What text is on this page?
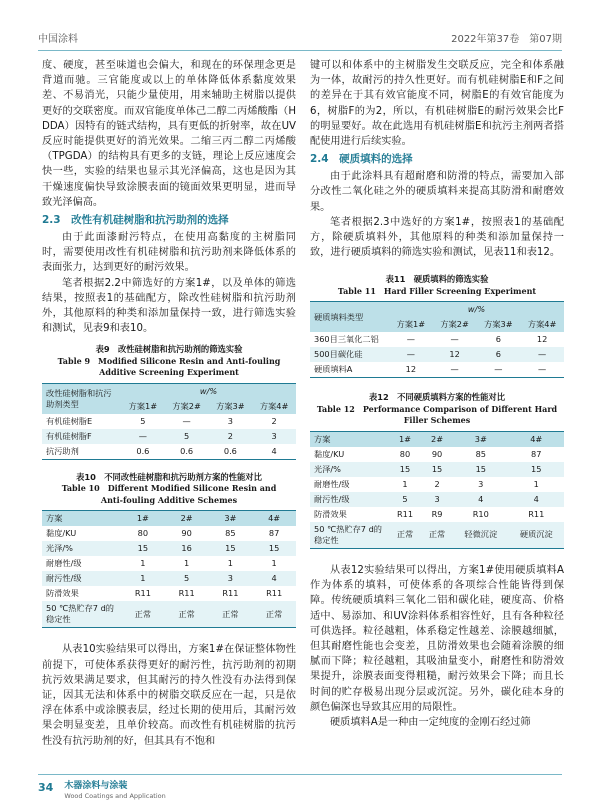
中国涂料	2022年第37卷　第07期

度、硬度，甚至味道也会偏大，和现在的环保理念更是背道而驰。三官能度或以上的单体降低体系黏度效果差、不易消光，只能少量使用，用来辅助主树脂以提供更好的交联密度。而双官能度单体己二醇二丙烯酸酯（HDDA）因特有的链式结构，具有更低的折射率，故在UV反应时能提供更好的消光效果。二缩三丙二醇二丙烯酸（TPGDA）的结构具有更多的支链，理论上反应速度会快一些，实验的结果也显示其光泽偏高，这也是因为其干燥速度偏快导致涂膜表面的镜面效果更明显，进而导致光泽偏高。

2.3　改性有机硅树脂和抗污助剂的选择

由于此面漆耐污特点，在使用高黏度的主树脂同时，需要使用改性有机硅树脂和抗污助剂来降低体系的表面张力，达到更好的耐污效果。

笔者根据2.2中筛选好的方案1#，以及单体的筛选结果，按照表1的基础配方，除改性硅树脂和抗污助剂外，其他原料的种类和添加量保持一致，进行筛选实验和测试，见表9和表10。

表9　改性硅树脂和抗污助剂的筛选实验
Table 9　Modified Silicone Resin and Anti-fouling
Additive Screening Experiment
改性硅树脂和抗污助剂类型	w/%			
	方案1#	方案2#	方案3#	方案4#
有机硅树脂E	5	—	3	2
有机硅树脂F	—	5	2	3
抗污助剂	0.6	0.6	0.6	4
表10　不同改性硅树脂和抗污助剂方案的性能对比
Table 10　Different Modified Silicone Resin and
Anti-fouling Additive Schemes
方案	1#	2#	3#	4#
黏度/KU	80	90	85	87
光泽/%	15	16	15	15
耐磨性/级	1	1	1	1
耐污性/级	1	5	3	4
防滑效果	R11	R11	R11	R11
50 ℃热贮存7 d的稳定性	正常	正常	正常	正常

从表10实验结果可以得出，方案1#在保证整体物性前提下，可使体系获得更好的耐污性，抗污助剂的初期抗污效果满足要求，但其耐污的持久性没有办法得到保证，因其无法和体系中的树脂交联反应在一起，只是依浮在体系中或涂膜表层，经过长期的使用后，其耐污效果会明显变差，且单价较高。而改性有机硅树脂的抗污性没有抗污助剂的好，但其具有不饱和

键可以和体系中的主树脂发生交联反应，完全和体系融为一体，故耐污的持久性更好。而有机硅树脂E和F之间的差异在于其有效官能度不同，树脂E的有效官能度为6，树脂F的为2，所以，有机硅树脂E的耐污效果会比F的明显要好。故在此选用有机硅树脂E和抗污主剂两者搭配使用进行后续实验。

2.4　硬质填料的选择

由于此涂料具有超耐磨和防滑的特点，需要加入部分改性二氧化硅之外的硬质填料来提高其防滑和耐磨效果。

笔者根据2.3中选好的方案1#，按照表1的基础配方，除硬质填料外，其他原料的种类和添加量保持一致，进行硬质填料的筛选实验和测试，见表11和表12。

表11　硬质填料的筛选实验
Table 11　Hard Filler Screening Experiment
硬质填料类型	w/%			
	方案1#	方案2#	方案3#	方案4#
360目三氧化二铝	—	—	6	12
500目碳化硅	—	12	6	—
硬质填料A	12	—	—	—
表12　不同硬质填料方案的性能对比
Table 12　Performance Comparison of Different Hard
Filler Schemes
方案	1#	2#	3#	4#
黏度/KU	80	90	85	87
光泽/%	15	15	15	15
耐磨性/级	1	2	3	1
耐污性/级	5	3	4	4
防滑效果	R11	R9	R10	R11
50 ℃热贮存7 d的稳定性	正常	正常	轻微沉淀	硬质沉淀

从表12实验结果可以得出，方案1#使用硬质填料A作为体系的填料，可使体系的各项综合性能皆得到保障。传统硬质填料三氧化二铝和碳化硅，硬度高、价格适中、易添加、和UV涂料体系相容性好，且有各种粒径可供选择。粒径越粗，体系稳定性越差、涂膜越细腻，但其耐磨性能也会变差，且防滑效果也会随着涂膜的细腻而下降；粒径越粗，其吸油量变小，耐磨性和防滑效果提升，涂膜表面变得粗糙，耐污效果会下降；而且长时间的贮存极易出现分层或沉淀。另外，碳化硅本身的颜色偏深也导致其应用的局限性。

硬质填料A是一种由一定纯度的金刚石经过筛

34 木器涂料与涂装
Wood Coatings and Application
